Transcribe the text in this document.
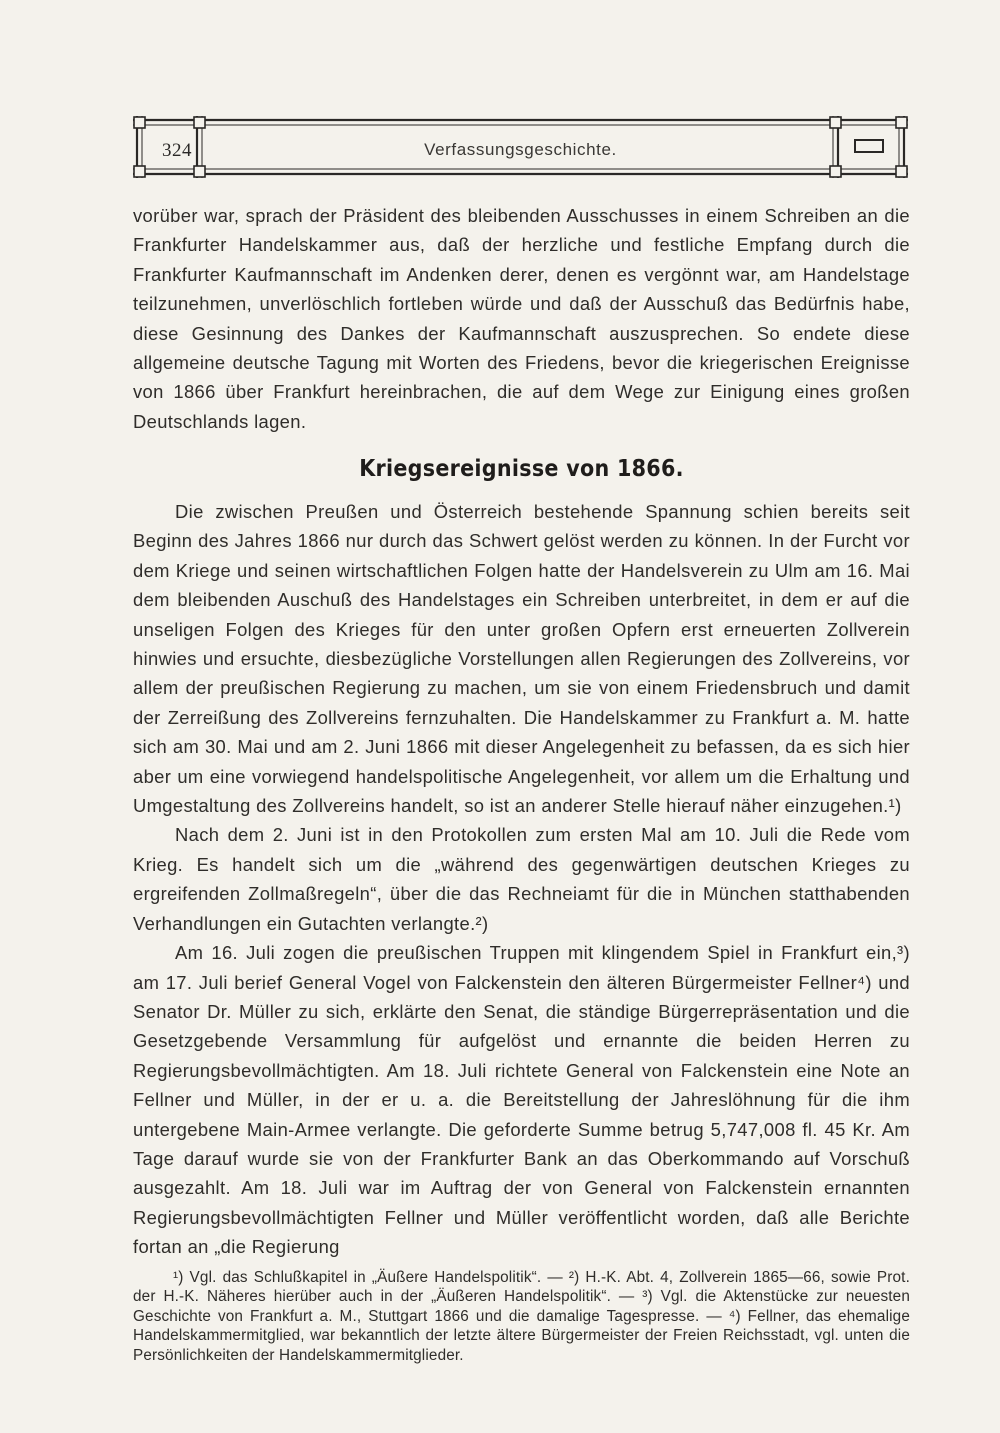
324	Verfassungsgeschichte.

vorüber war, sprach der Präsident des bleibenden Ausschusses in einem Schreiben an die Frankfurter Handelskammer aus, daß der herzliche und festliche Empfang durch die Frankfurter Kaufmannschaft im Andenken derer, denen es vergönnt war, am Handelstage teilzunehmen, unverlöschlich fortleben würde und daß der Ausschuß das Bedürfnis habe, diese Gesinnung des Dankes der Kaufmannschaft auszusprechen. So endete diese allgemeine deutsche Tagung mit Worten des Friedens, bevor die kriegerischen Ereignisse von 1866 über Frankfurt hereinbrachen, die auf dem Wege zur Einigung eines großen Deutschlands lagen.

Kriegsereignisse von 1866.

Die zwischen Preußen und Österreich bestehende Spannung schien bereits seit Beginn des Jahres 1866 nur durch das Schwert gelöst werden zu können. In der Furcht vor dem Kriege und seinen wirtschaftlichen Folgen hatte der Handelsverein zu Ulm am 16. Mai dem bleibenden Auschuß des Handelstages ein Schreiben unterbreitet, in dem er auf die unseligen Folgen des Krieges für den unter großen Opfern erst erneuerten Zollverein hinwies und ersuchte, diesbezügliche Vorstellungen allen Regierungen des Zollvereins, vor allem der preußischen Regierung zu machen, um sie von einem Friedensbruch und damit der Zerreißung des Zollvereins fernzuhalten. Die Handelskammer zu Frankfurt a. M. hatte sich am 30. Mai und am 2. Juni 1866 mit dieser Angelegenheit zu befassen, da es sich hier aber um eine vorwiegend handelspolitische Angelegenheit, vor allem um die Erhaltung und Umgestaltung des Zollvereins handelt, so ist an anderer Stelle hierauf näher einzugehen.¹)

Nach dem 2. Juni ist in den Protokollen zum ersten Mal am 10. Juli die Rede vom Krieg. Es handelt sich um die „während des gegenwärtigen deutschen Krieges zu ergreifenden Zollmaßregeln“, über die das Rechneiamt für die in München statthabenden Verhandlungen ein Gutachten verlangte.²)

Am 16. Juli zogen die preußischen Truppen mit klingendem Spiel in Frankfurt ein,³) am 17. Juli berief General Vogel von Falckenstein den älteren Bürgermeister Fellner⁴) und Senator Dr. Müller zu sich, erklärte den Senat, die ständige Bürgerrepräsentation und die Gesetzgebende Versammlung für aufgelöst und ernannte die beiden Herren zu Regierungsbevollmächtigten. Am 18. Juli richtete General von Falckenstein eine Note an Fellner und Müller, in der er u. a. die Bereitstellung der Jahreslöhnung für die ihm untergebene Main-Armee verlangte. Die geforderte Summe betrug 5,747,008 fl. 45 Kr. Am Tage darauf wurde sie von der Frankfurter Bank an das Oberkommando auf Vorschuß ausgezahlt. Am 18. Juli war im Auftrag der von General von Falckenstein ernannten Regierungsbevollmächtigten Fellner und Müller veröffentlicht worden, daß alle Berichte fortan an „die Regierung

¹) Vgl. das Schlußkapitel in „Äußere Handelspolitik“. — ²) H.-K. Abt. 4, Zollverein 1865—66, sowie Prot. der H.-K. Näheres hierüber auch in der „Äußeren Handelspolitik“. — ³) Vgl. die Aktenstücke zur neuesten Geschichte von Frankfurt a. M., Stuttgart 1866 und die damalige Tagespresse. — ⁴) Fellner, das ehemalige Handelskammermitglied, war bekanntlich der letzte ältere Bürgermeister der Freien Reichsstadt, vgl. unten die Persönlichkeiten der Handelskammermitglieder.
